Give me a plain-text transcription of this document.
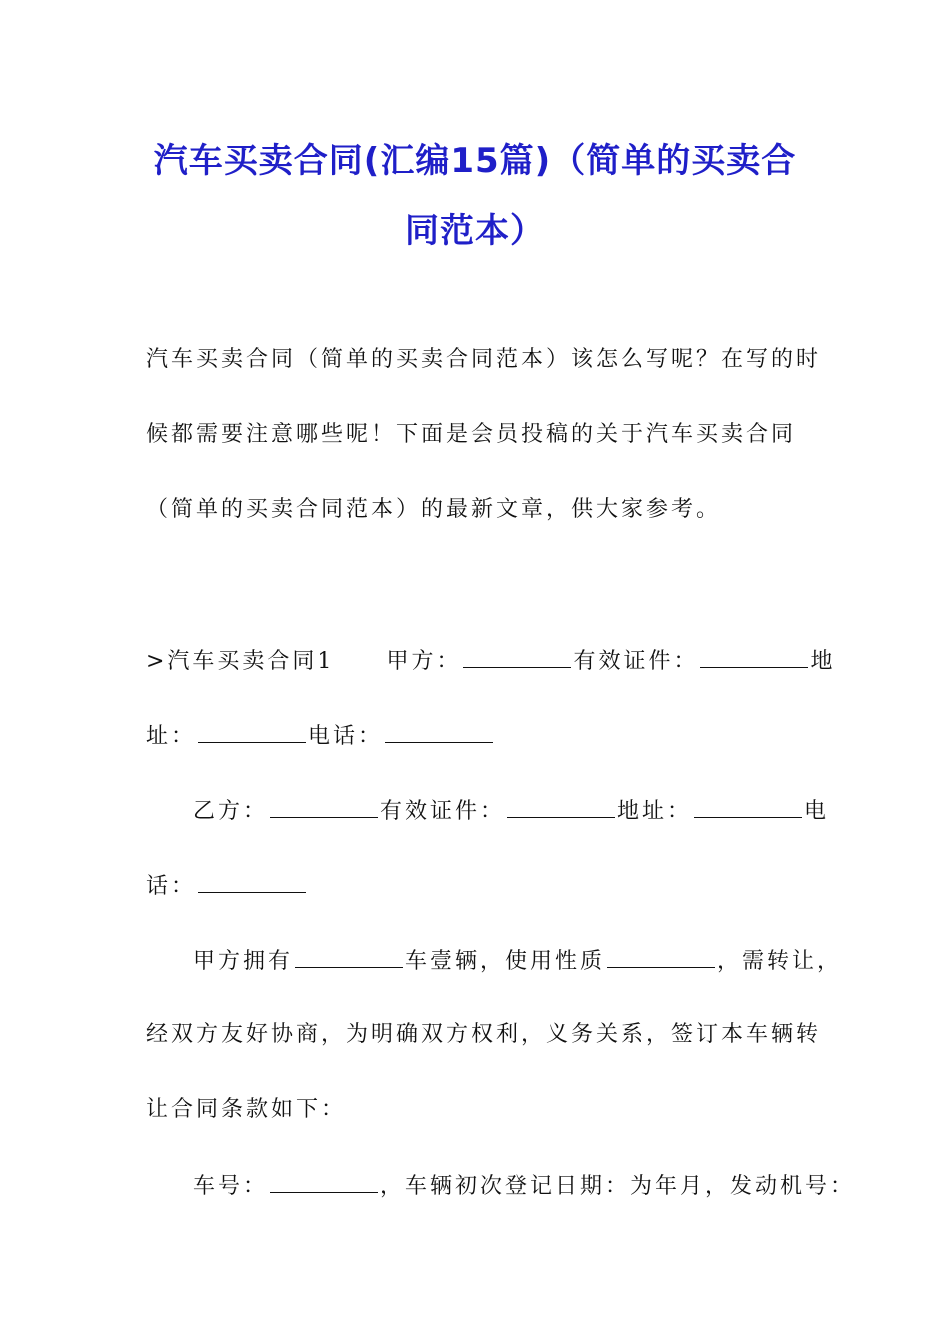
汽车买卖合同(汇编15篇)（简单的买卖合
同范本）
汽车买卖合同（简单的买卖合同范本）该怎么写呢？在写的时
候都需要注意哪些呢！下面是会员投稿的关于汽车买卖合同
（简单的买卖合同范本）的最新文章，供大家参考。
>汽车买卖合同1 甲方：	有效证件：	地
址：	电话：
乙方：	有效证件：	地址：	电
话：
甲方拥有	车壹辆，使用性质	，需转让，
经双方友好协商，为明确双方权利，义务关系，签订本车辆转
让合同条款如下：
车号：	，车辆初次登记日期：为年月，发动机号：
